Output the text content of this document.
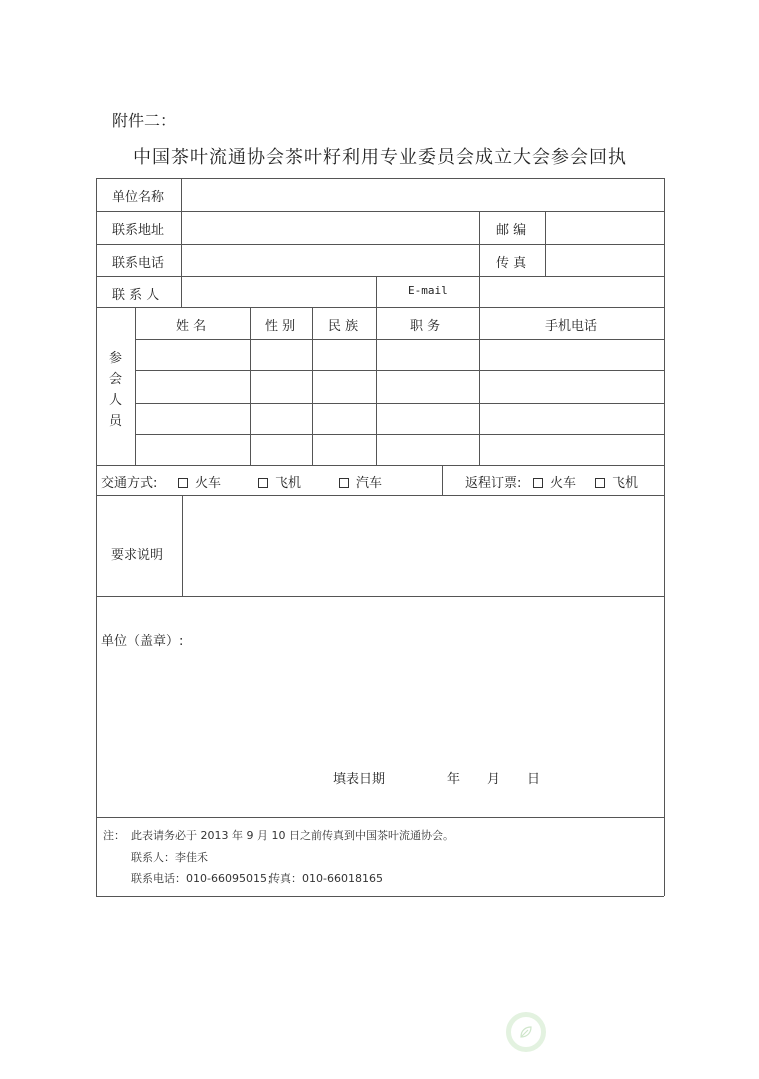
附件二：
中国茶叶流通协会茶叶籽利用专业委员会成立大会参会回执
单位名称
联系地址	邮 编
联系电话	传 真
联 系 人	E-mail
参会人员
姓 名	性 别	民 族	职 务	手机电话
交通方式:	火车	飞机	汽车	返程订票:	火车	飞机
要求说明
单位（盖章）:
填表日期	年 月 日
注： 此表请务必于 2013 年 9 月 10 日之前传真到中国茶叶流通协会。
联系人：李佳禾
联系电话：010-66095015；
传真：010-66018165
